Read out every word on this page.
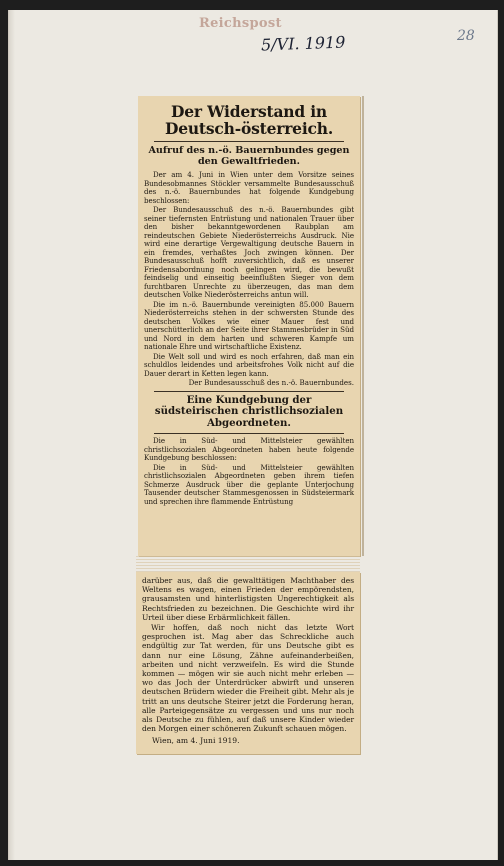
Reichspost
5/VI. 1919	28
Der Widerstand in Deutsch-österreich.
Aufruf des n.-ö. Bauernbundes gegen den Gewaltfrieden.

Der am 4. Juni in Wien unter dem Vorsitze seines Bundesobmannes Stöckler versammelte Bundesausschuß des n.-ö. Bauernbundes hat folgende Kundgebung beschlossen:

Der Bundesausschuß des n.-ö. Bauernbundes gibt seiner tiefernsten Entrüstung und nationalen Trauer über den bisher bekanntgewordenen Raubplan am reindeutschen Gebiete Niederösterreichs Ausdruck. Nie wird eine derartige Vergewaltigung deutsche Bauern in ein fremdes, verhaßtes Joch zwingen können. Der Bundesausschuß hofft zuversichtlich, daß es unserer Friedensabordnung noch gelingen wird, die bewußt feindselig und einseitig beeinflußten Sieger von dem furchtbaren Unrechte zu überzeugen, das man dem deutschen Volke Niederösterreichs antun will.

Die im n.-ö. Bauernbunde vereinigten 85.000 Bauern Niederösterreichs stehen in der schwersten Stunde des deutschen Volkes wie einer Mauer fest und unerschütterlich an der Seite ihrer Stammesbrüder in Süd und Nord in dem harten und schweren Kampfe um nationale Ehre und wirtschaftliche Existenz.

Die Welt soll und wird es noch erfahren, daß man ein schuldlos leidendes und arbeitsfrohes Volk nicht auf die Dauer derart in Ketten legen kann.

Der Bundesausschuß des n.-ö. Bauernbundes.
Eine Kundgebung der südsteirischen christlichsozialen Abgeordneten.

Die in Süd- und Mittelsteier gewählten christlichsozialen Abgeordneten haben heute folgende Kundgebung beschlossen:

Die in Süd- und Mittelsteier gewählten christlichsozialen Abgeordneten geben ihrem tiefen Schmerze Ausdruck über die geplante Unterjochung Tausender deutscher Stammesgenossen in Südsteiermark und sprechen ihre flammende Entrüstung

darüber aus, daß die gewalttätigen Machthaber des Weltens es wagen, einen Frieden der empörendsten, grausamsten und hinterlistigsten Ungerechtigkeit als Rechtsfrieden zu bezeichnen. Die Geschichte wird ihr Urteil über diese Erbärmlichkeit fällen.

Wir hoffen, daß noch nicht das letzte Wort gesprochen ist. Mag aber das Schreckliche auch endgültig zur Tat werden, für uns Deutsche gibt es dann nur eine Lösung, Zähne aufeinanderbeißen, arbeiten und nicht verzweifeln. Es wird die Stunde kommen — mögen wir sie auch nicht mehr erleben — wo das Joch der Unterdrücker abwirft und unseren deutschen Brüdern wieder die Freiheit gibt. Mehr als je tritt an uns deutsche Steirer jetzt die Forderung heran, alle Parteigegensätze zu vergessen und uns nur noch als Deutsche zu fühlen, auf daß unsere Kinder wieder den Morgen einer schöneren Zukunft schauen mögen.

Wien, am 4. Juni 1919.
